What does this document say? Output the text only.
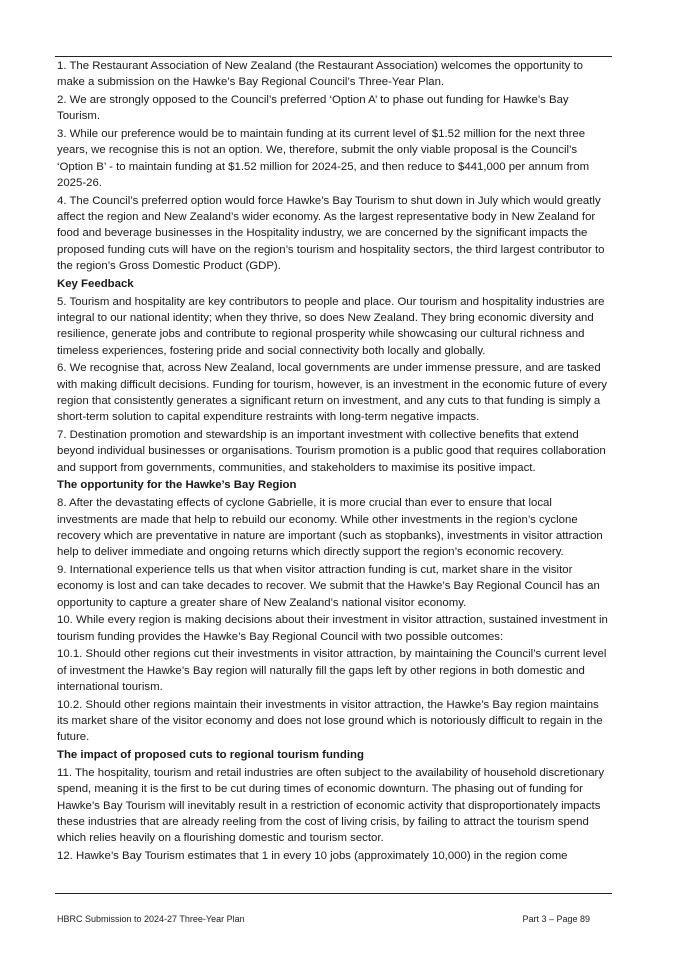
1. The Restaurant Association of New Zealand (the Restaurant Association) welcomes the opportunity to make a submission on the Hawke’s Bay Regional Council’s Three-Year Plan.

2. We are strongly opposed to the Council’s preferred ‘Option A’ to phase out funding for Hawke’s Bay Tourism.

3. While our preference would be to maintain funding at its current level of $1.52 million for the next three years, we recognise this is not an option. We, therefore, submit the only viable proposal is the Council’s ‘Option B’ - to maintain funding at $1.52 million for 2024-25, and then reduce to $441,000 per annum from 2025-26.

4. The Council’s preferred option would force Hawke’s Bay Tourism to shut down in July which would greatly affect the region and New Zealand’s wider economy. As the largest representative body in New Zealand for food and beverage businesses in the Hospitality industry, we are concerned by the significant impacts the proposed funding cuts will have on the region’s tourism and hospitality sectors, the third largest contributor to the region’s Gross Domestic Product (GDP).

Key Feedback

5. Tourism and hospitality are key contributors to people and place. Our tourism and hospitality industries are integral to our national identity; when they thrive, so does New Zealand. They bring economic diversity and resilience, generate jobs and contribute to regional prosperity while showcasing our cultural richness and timeless experiences, fostering pride and social connectivity both locally and globally.

6. We recognise that, across New Zealand, local governments are under immense pressure, and are tasked with making difficult decisions. Funding for tourism, however, is an investment in the economic future of every region that consistently generates a significant return on investment, and any cuts to that funding is simply a short-term solution to capital expenditure restraints with long-term negative impacts.

7. Destination promotion and stewardship is an important investment with collective benefits that extend beyond individual businesses or organisations. Tourism promotion is a public good that requires collaboration and support from governments, communities, and stakeholders to maximise its positive impact.

The opportunity for the Hawke’s Bay Region

8. After the devastating effects of cyclone Gabrielle, it is more crucial than ever to ensure that local investments are made that help to rebuild our economy. While other investments in the region’s cyclone recovery which are preventative in nature are important (such as stopbanks), investments in visitor attraction help to deliver immediate and ongoing returns which directly support the region’s economic recovery.

9. International experience tells us that when visitor attraction funding is cut, market share in the visitor economy is lost and can take decades to recover. We submit that the Hawke’s Bay Regional Council has an opportunity to capture a greater share of New Zealand’s national visitor economy.

10. While every region is making decisions about their investment in visitor attraction, sustained investment in tourism funding provides the Hawke’s Bay Regional Council with two possible outcomes:

10.1. Should other regions cut their investments in visitor attraction, by maintaining the Council’s current level of investment the Hawke’s Bay region will naturally fill the gaps left by other regions in both domestic and international tourism.

10.2. Should other regions maintain their investments in visitor attraction, the Hawke’s Bay region maintains its market share of the visitor economy and does not lose ground which is notoriously difficult to regain in the future.

The impact of proposed cuts to regional tourism funding

11. The hospitality, tourism and retail industries are often subject to the availability of household discretionary spend, meaning it is the first to be cut during times of economic downturn. The phasing out of funding for Hawke’s Bay Tourism will inevitably result in a restriction of economic activity that disproportionately impacts these industries that are already reeling from the cost of living crisis, by failing to attract the tourism spend which relies heavily on a flourishing domestic and tourism sector.

12. Hawke’s Bay Tourism estimates that 1 in every 10 jobs (approximately 10,000) in the region come

HBRC Submission to 2024-27 Three-Year Plan	Part 3 – Page 89
